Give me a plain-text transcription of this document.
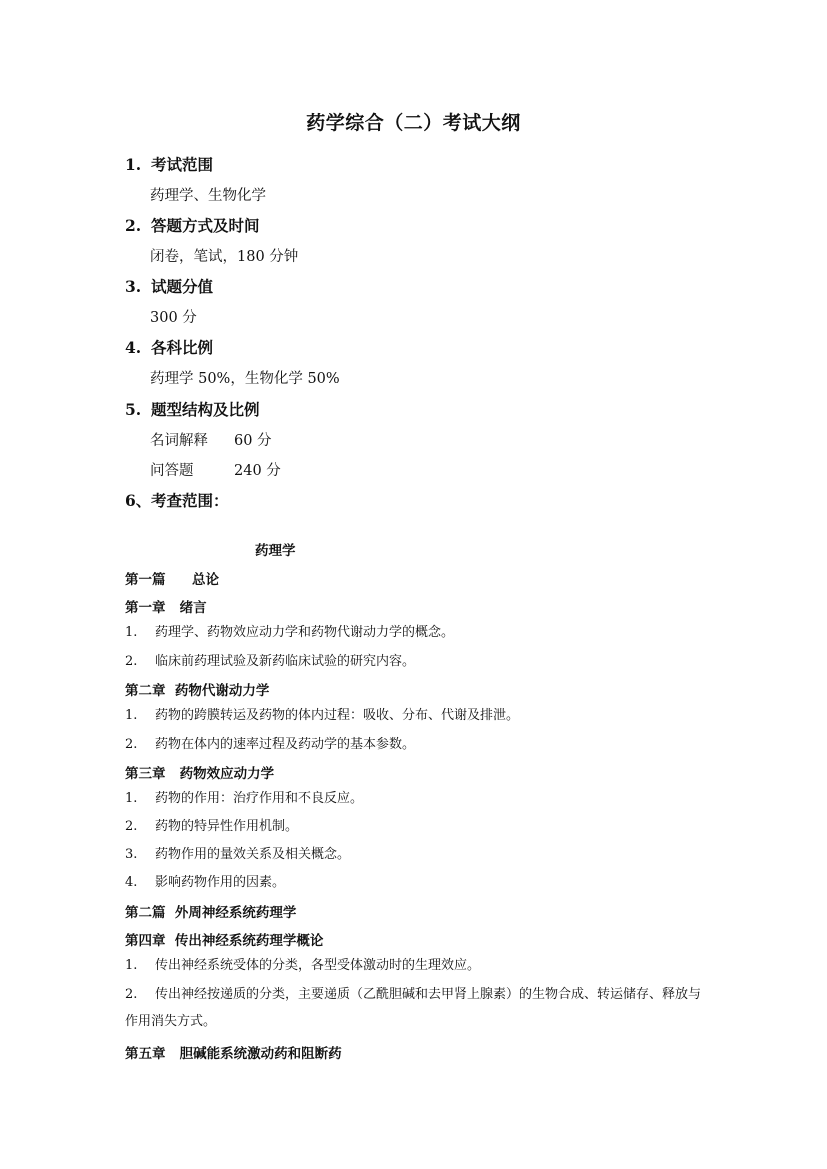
药学综合（二）考试大纲
1. 考试范围
药理学、生物化学
2. 答题方式及时间
闭卷，笔试，180 分钟
3. 试题分值
300 分
4. 各科比例
药理学 50%，生物化学 50%
5. 题型结构及比例
名词解释 60 分
问答题	240 分
6、考查范围：
药理学
第一篇 总论
第一章   绪言
1. 药理学、药物效应动力学和药物代谢动力学的概念。
2. 临床前药理试验及新药临床试验的研究内容。
第二章  药物代谢动力学
1. 药物的跨膜转运及药物的体内过程：吸收、分布、代谢及排泄。
2. 药物在体内的速率过程及药动学的基本参数。
第三章   药物效应动力学
1. 药物的作用：治疗作用和不良反应。
2. 药物的特异性作用机制。
3. 药物作用的量效关系及相关概念。
4. 影响药物作用的因素。
第二篇  外周神经系统药理学
第四章  传出神经系统药理学概论
1. 传出神经系统受体的分类，各型受体激动时的生理效应。
2. 传出神经按递质的分类，主要递质（乙酰胆碱和去甲肾上腺素）的生物合成、转运储存、释放与作用消失方式。
第五章   胆碱能系统激动药和阻断药
